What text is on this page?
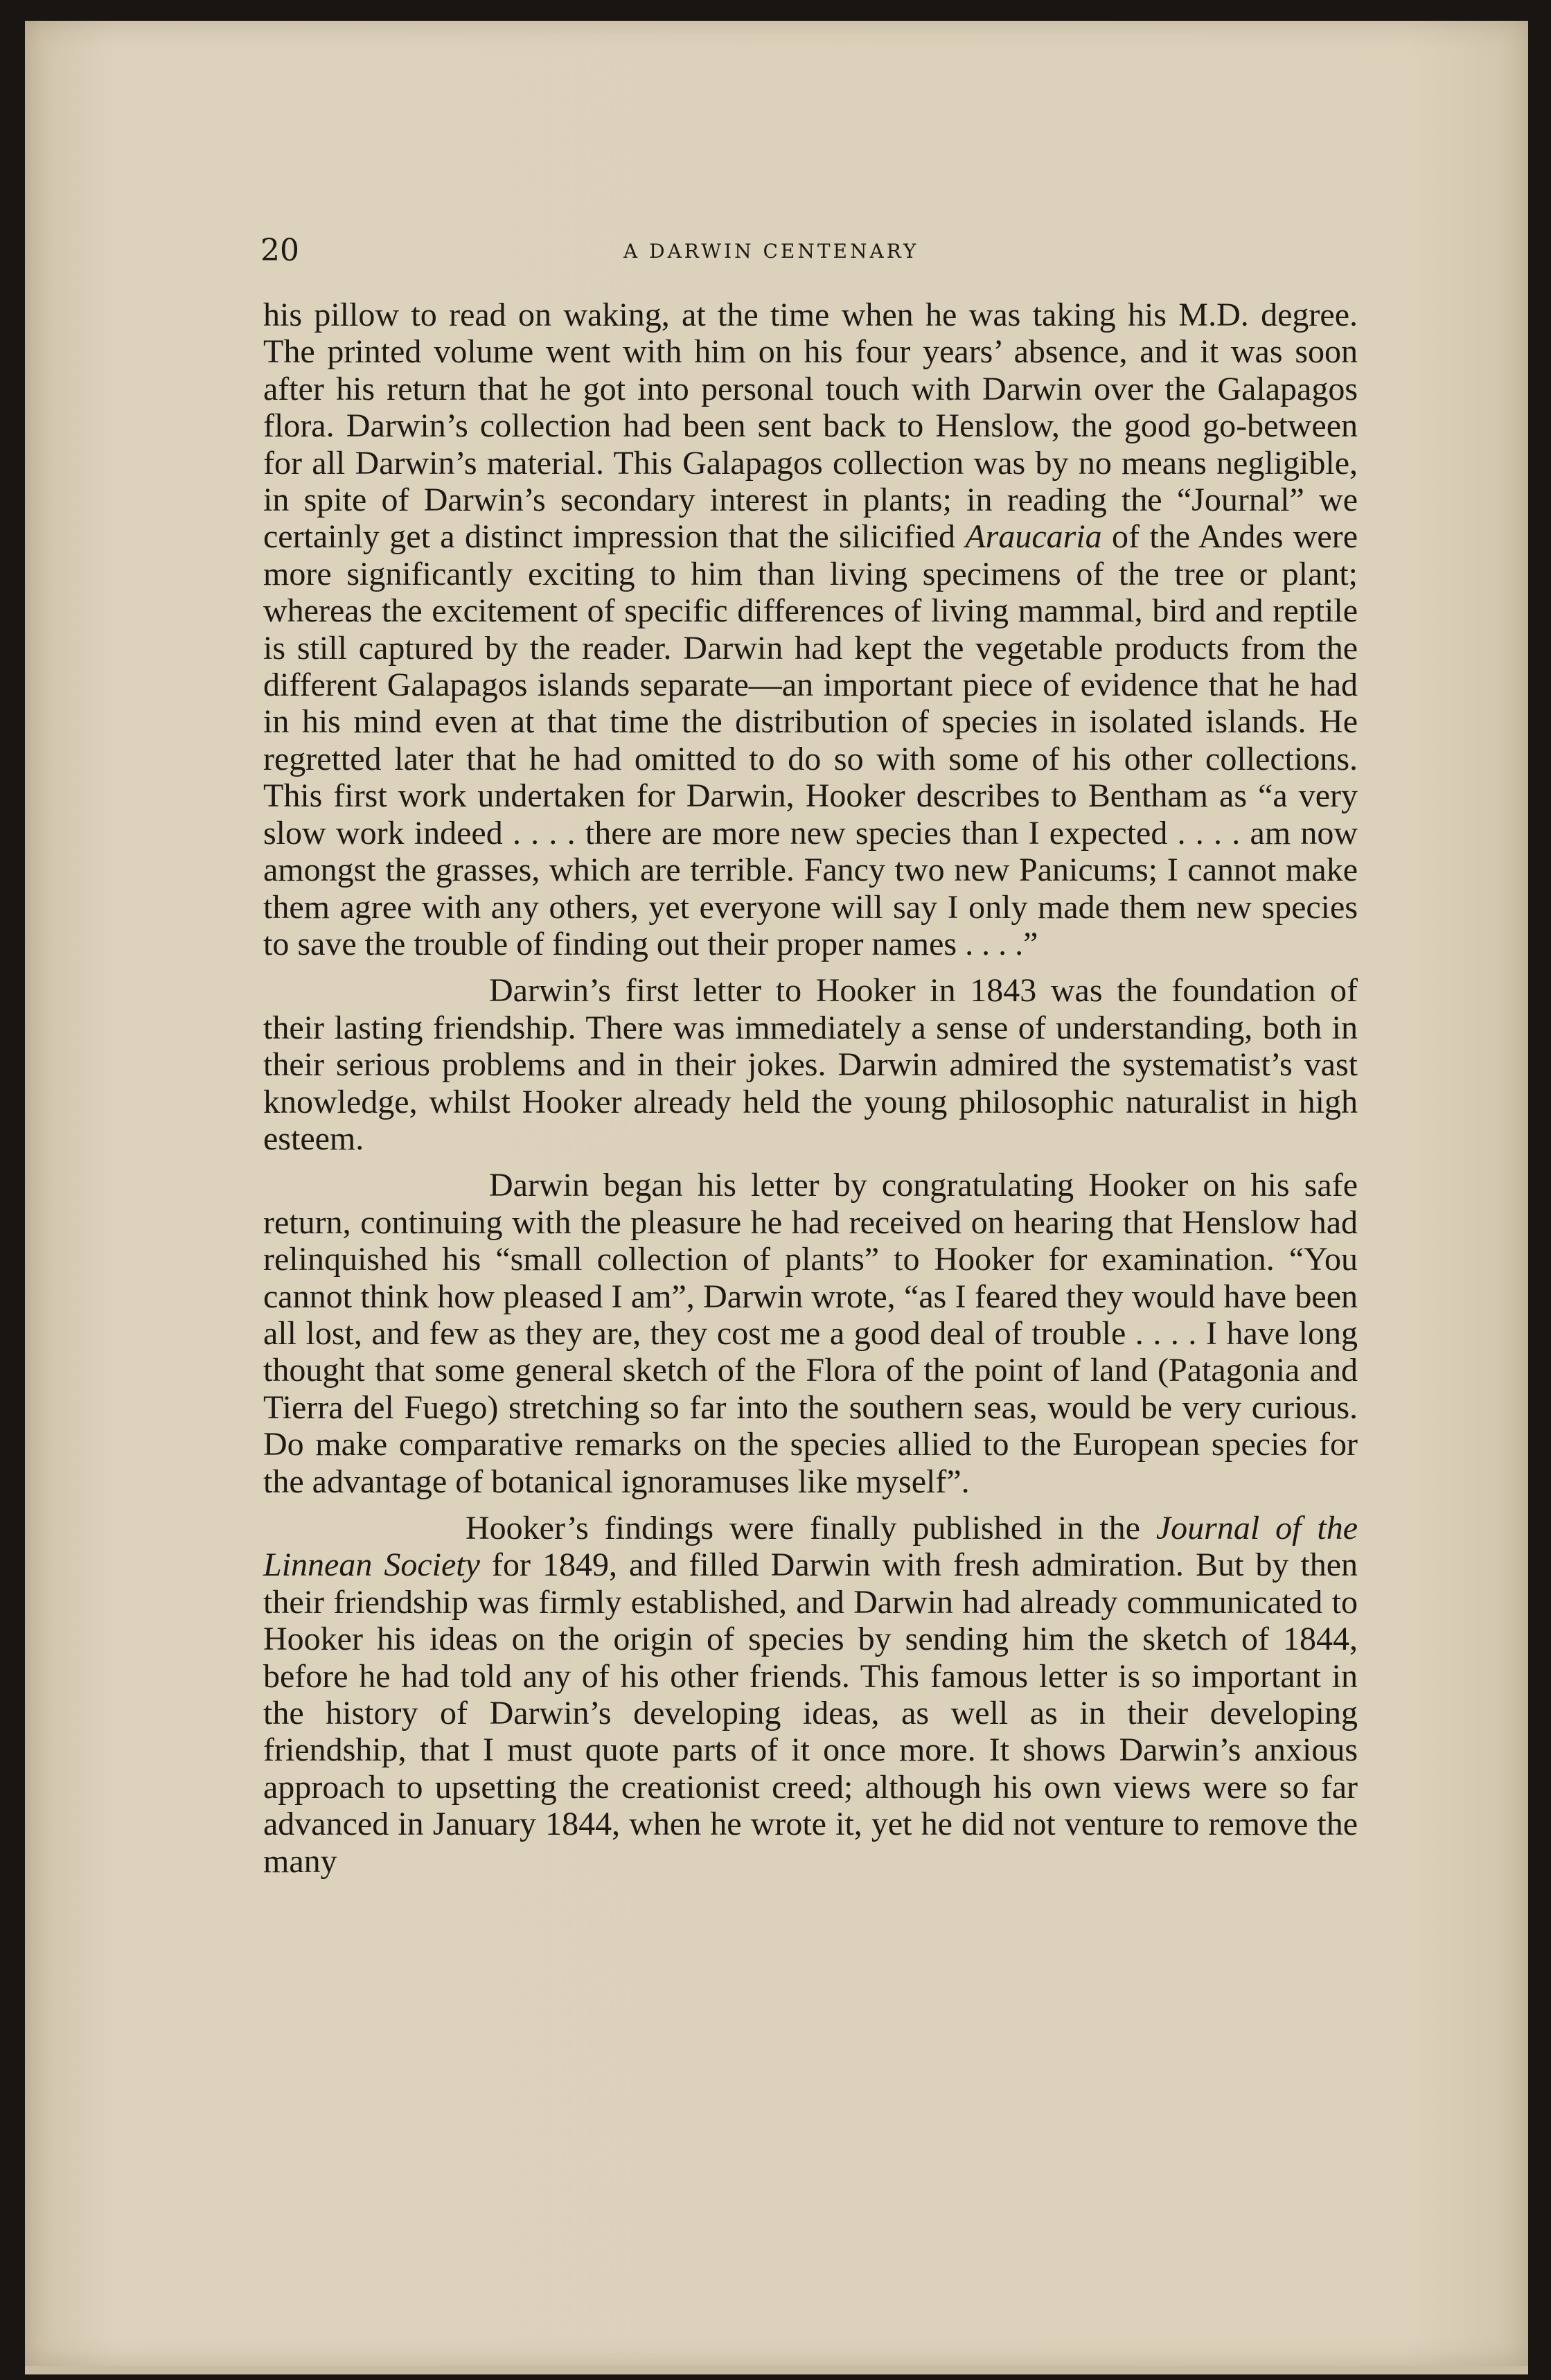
20	A DARWIN CENTENARY

his pillow to read on waking, at the time when he was taking his M.D. degree. The printed volume went with him on his four years’ absence, and it was soon after his return that he got into personal touch with Darwin over the Galapagos flora. Darwin’s collection had been sent back to Henslow, the good go-between for all Darwin’s material. This Galapagos collection was by no means negligible, in spite of Darwin’s secondary interest in plants; in reading the “Journal” we certainly get a distinct impression that the silicified Araucaria of the Andes were more significantly exciting to him than living specimens of the tree or plant; whereas the excitement of specific differences of living mammal, bird and reptile is still captured by the reader. Darwin had kept the vegetable products from the different Galapagos islands separate—an important piece of evidence that he had in his mind even at that time the distribution of species in isolated islands. He regretted later that he had omitted to do so with some of his other collections. This first work undertaken for Darwin, Hooker describes to Bentham as “a very slow work indeed . . . . there are more new species than I expected . . . . am now amongst the grasses, which are terrible. Fancy two new Panicums; I cannot make them agree with any others, yet everyone will say I only made them new species to save the trouble of finding out their proper names . . . .”

Darwin’s first letter to Hooker in 1843 was the foundation of their lasting friendship. There was immediately a sense of understanding, both in their serious problems and in their jokes. Darwin admired the systematist’s vast knowledge, whilst Hooker already held the young philosophic naturalist in high esteem.

Darwin began his letter by congratulating Hooker on his safe return, continuing with the pleasure he had received on hearing that Henslow had relinquished his “small collection of plants” to Hooker for examination. “You cannot think how pleased I am”, Darwin wrote, “as I feared they would have been all lost, and few as they are, they cost me a good deal of trouble . . . . I have long thought that some general sketch of the Flora of the point of land (Patagonia and Tierra del Fuego) stretching so far into the southern seas, would be very curious. Do make comparative remarks on the species allied to the European species for the advantage of botanical ignoramuses like myself”.

Hooker’s findings were finally published in the Journal of the Linnean Society for 1849, and filled Darwin with fresh admiration. But by then their friendship was firmly established, and Darwin had already communicated to Hooker his ideas on the origin of species by sending him the sketch of 1844, before he had told any of his other friends. This famous letter is so important in the history of Darwin’s developing ideas, as well as in their developing friendship, that I must quote parts of it once more. It shows Darwin’s anxious approach to upsetting the creationist creed; although his own views were so far advanced in January 1844, when he wrote it, yet he did not venture to remove the many
